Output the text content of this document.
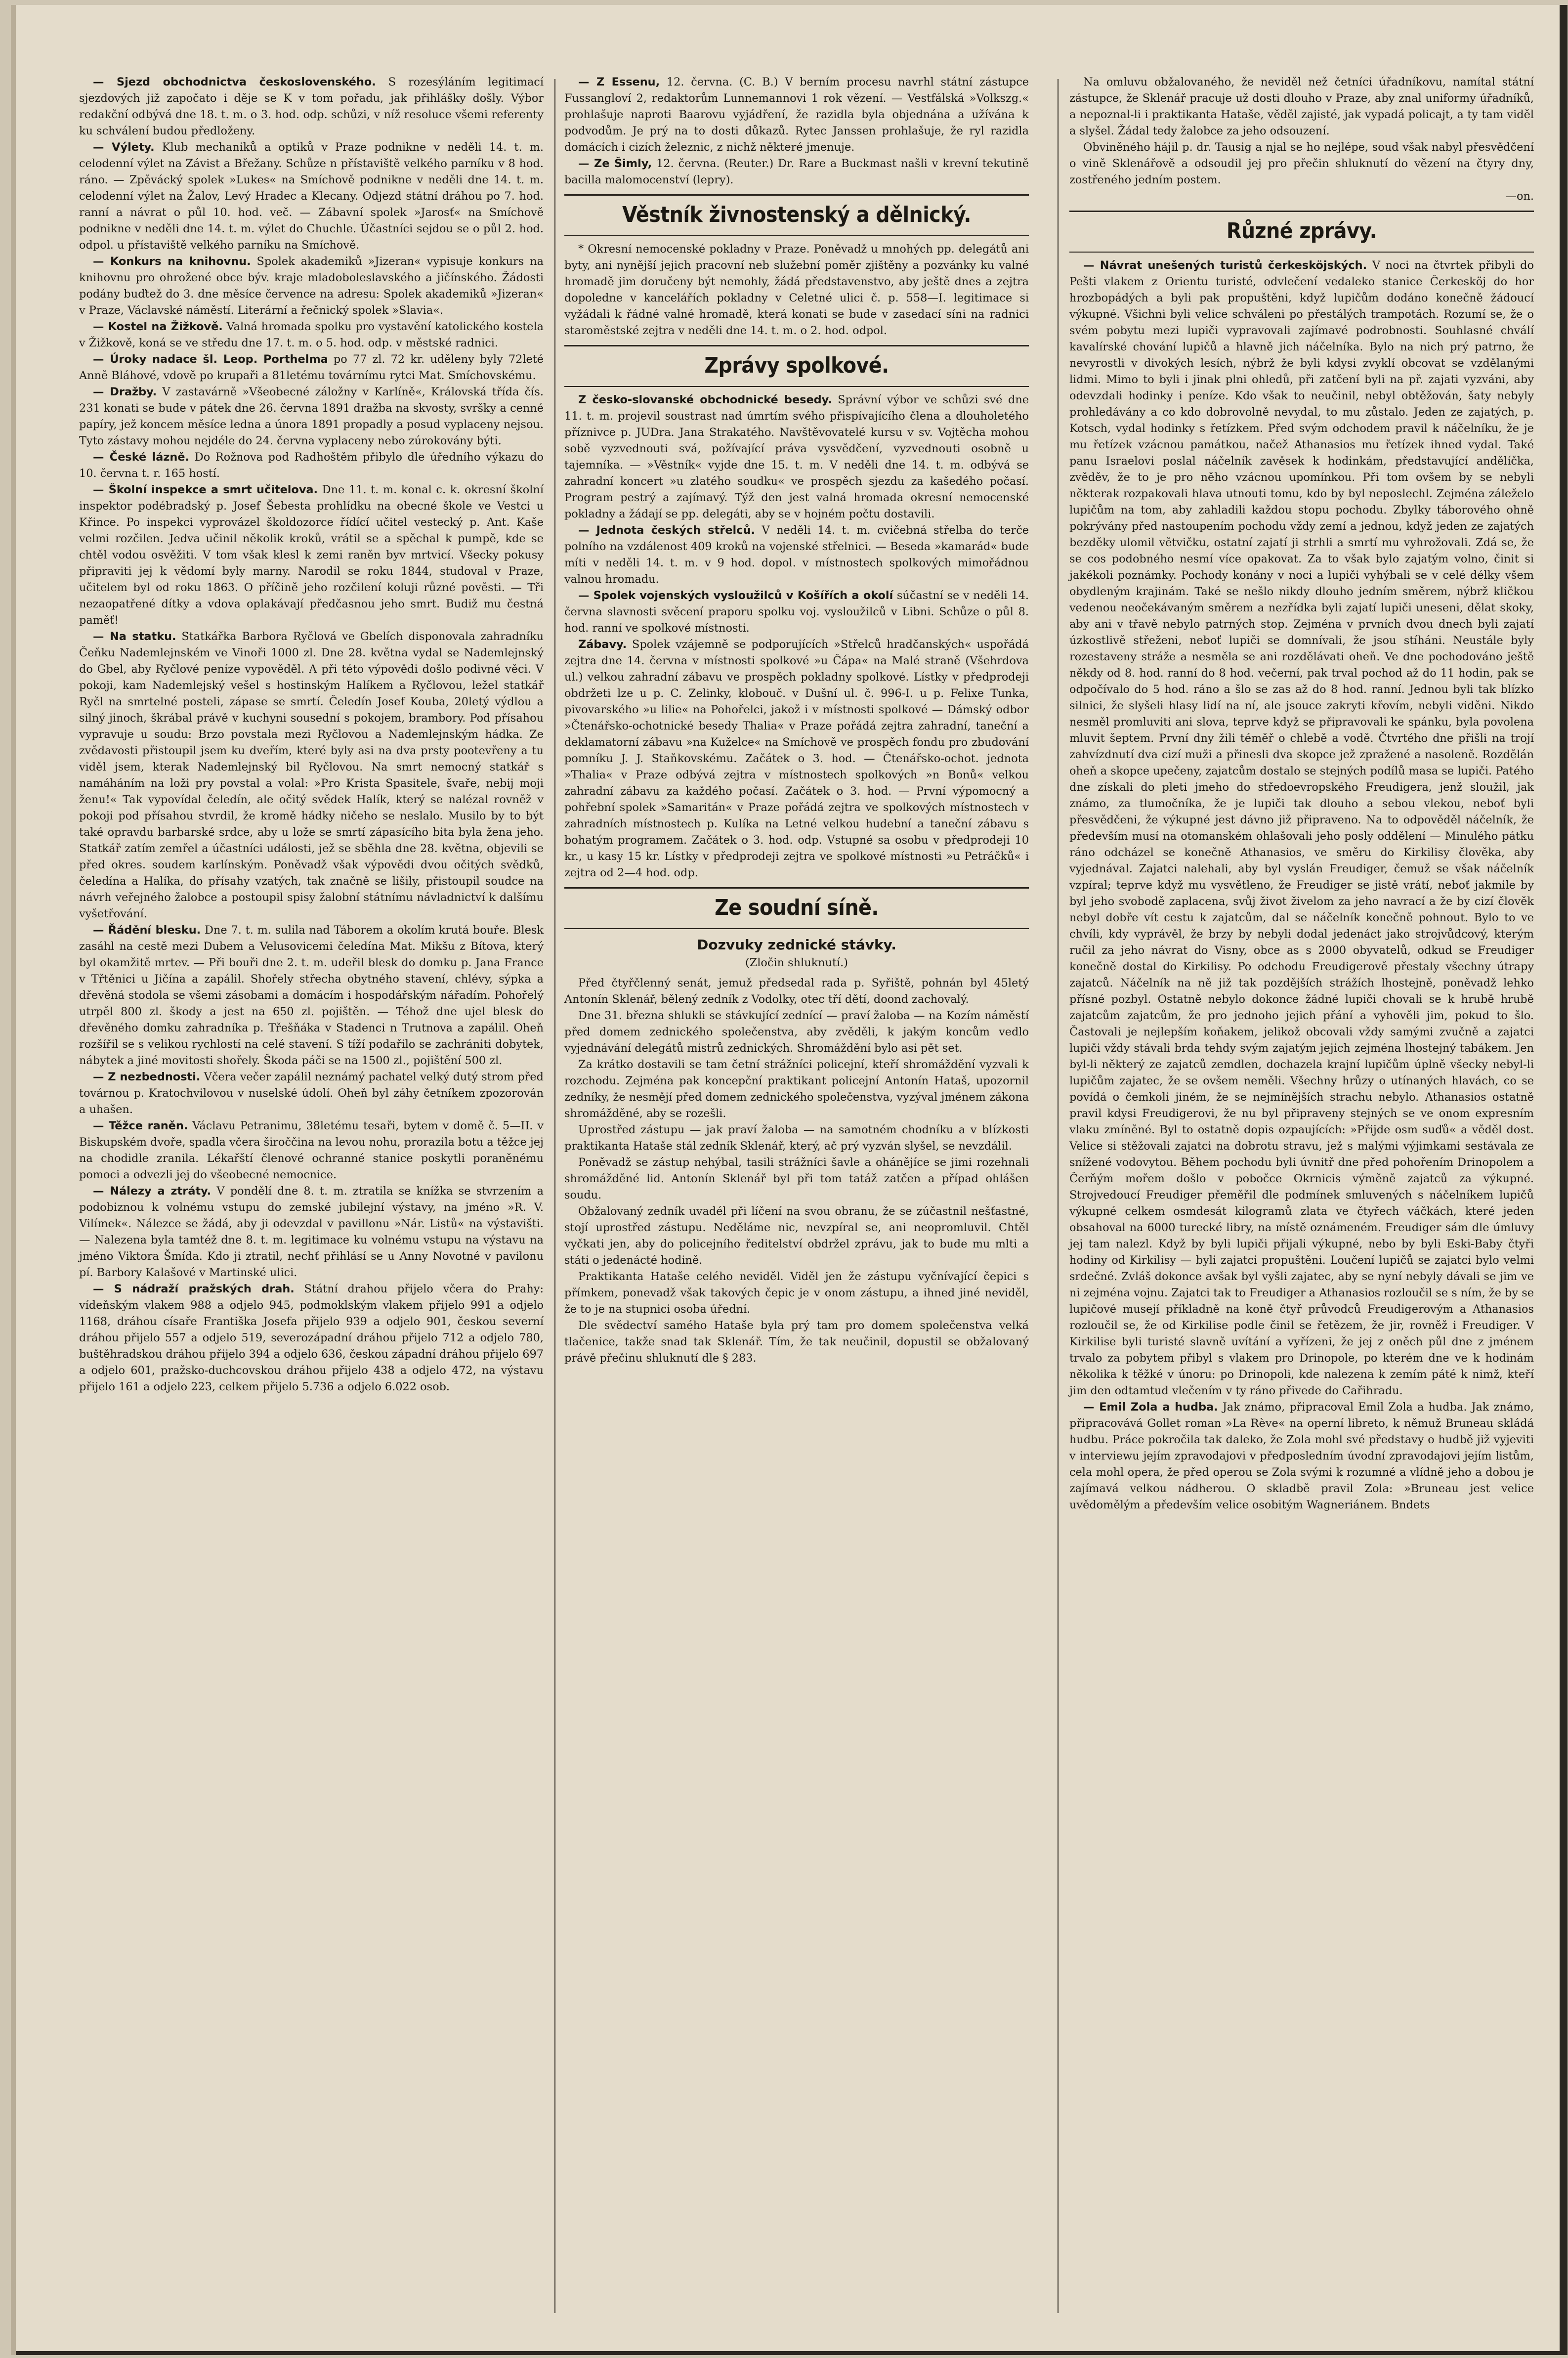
— Sjezd obchodnictva československého. S rozesýláním legitimací sjezdových již započato i děje se K v tom pořadu, jak přihlášky došly. Výbor redakční odbývá dne 18. t. m. o 3. hod. odp. schůzi, v níž resoluce všemi referenty ku schválení budou předloženy.

— Výlety. Klub mechaniků a optiků v Praze podnikne v neděli 14. t. m. celodenní výlet na Závist a Břežany. Schůze n přístaviště velkého parníku v 8 hod. ráno. — Zpěvácký spolek »Lukes« na Smíchově podnikne v neděli dne 14. t. m. celodenní výlet na Žalov, Levý Hradec a Klecany. Odjezd státní dráhou po 7. hod. ranní a návrat o půl 10. hod. več. — Zábavní spolek »Jarosť« na Smíchově podnikne v neděli dne 14. t. m. výlet do Chuchle. Účastníci sejdou se o půl 2. hod. odpol. u přístaviště velkého parníku na Smíchově.

— Konkurs na knihovnu. Spolek akademiků »Jizeran« vypisuje konkurs na knihovnu pro ohrožené obce býv. kraje mladoboleslavského a jičínského. Žádosti podány buďtež do 3. dne měsíce července na adresu: Spolek akademiků »Jizeran« v Praze, Václavské náměstí. Literární a řečnický spolek »Slavia«.

— Kostel na Žižkově. Valná hromada spolku pro vystavění katolického kostela v Žižkově, koná se ve středu dne 17. t. m. o 5. hod. odp. v městské radnici.

— Úroky nadace šl. Leop. Porthelma po 77 zl. 72 kr. uděleny byly 72leté Anně Bláhové, vdově po krupaři a 81letému továrnímu rytci Mat. Smíchovskému.

— Dražby. V zastavárně »Všeobecné záložny v Karlíně«, Královská třída čís. 231 konati se bude v pátek dne 26. června 1891 dražba na skvosty, svršky a cenné papíry, jež koncem měsíce ledna a února 1891 propadly a posud vyplaceny nejsou. Tyto zástavy mohou nejdéle do 24. června vyplaceny nebo zúrokovány býti.

— České lázně. Do Rožnova pod Radhoštěm přibylo dle úředního výkazu do 10. června t. r. 165 hostí.

— Školní inspekce a smrt učitelova. Dne 11. t. m. konal c. k. okresní školní inspektor podébradský p. Josef Šebesta prohlídku na obecné škole ve Vestci u Křince. Po inspekci vyprovázel školdozorce řídící učitel vestecký p. Ant. Kaše velmi rozčilen. Jedva učinil několik kroků, vrátil se a spěchal k pumpě, kde se chtěl vodou osvěžiti. V tom však klesl k zemi raněn byv mrtvicí. Všecky pokusy připraviti jej k vědomí byly marny. Narodil se roku 1844, studoval v Praze, učitelem byl od roku 1863. O příčině jeho rozčilení koluji různé pověsti. — Tři nezaopatřené dítky a vdova oplakávají předčasnou jeho smrt. Budiž mu čestná paměť!

— Na statku. Statkářka Barbora Ryčlová ve Gbelích disponovala zahradníku Čeňku Nademlejnském ve Vinoři 1000 zl. Dne 28. května vydal se Nademlejnský do Gbel, aby Ryčlové peníze vypověděl. A při této výpovědi došlo podivné věci. V pokoji, kam Nademlejský vešel s hostinským Halíkem a Ryčlovou, ležel statkář Ryčl na smrtelné posteli, zápase se smrtí. Čeledín Josef Kouba, 20letý výdlou a silný jinoch, škrábal právě v kuchyni sousední s pokojem, brambory. Pod přísahou vypravuje u soudu: Brzo povstala mezi Ryčlovou a Nademlejnským hádka. Ze zvědavosti přistoupil jsem ku dveřím, které byly asi na dva prsty pootevřeny a tu viděl jsem, kterak Nademlejnský bil Ryčlovou. Na smrt nemocný statkář s namáháním na loži pry povstal a volal: »Pro Krista Spasitele, švaře, nebij moji ženu!« Tak vypovídal čeledín, ale očitý svědek Halík, který se nalézal rovněž v pokoji pod přísahou stvrdil, že kromě hádky ničeho se neslalo. Musilo by to být také opravdu barbarské srdce, aby u lože se smrtí zápasícího bita byla žena jeho. Statkář zatím zemřel a účastníci události, jež se sběhla dne 28. května, objevili se před okres. soudem karlínským. Poněvadž však výpovědi dvou očitých svědků, čeledína a Halíka, do přísahy vzatých, tak značně se lišily, přistoupil soudce na návrh veřejného žalobce a postoupil spisy žalobní státnímu návladnictví k dalšímu vyšetřování.

— Řádění blesku. Dne 7. t. m. sulila nad Táborem a okolím krutá bouře. Blesk zasáhl na cestě mezi Dubem a Velusovicemi čeledína Mat. Mikšu z Bítova, který byl okamžitě mrtev. — Při bouři dne 2. t. m. udeřil blesk do domku p. Jana France v Třtěnici u Jičína a zapálil. Shořely střecha obytného stavení, chlévy, sýpka a dřevěná stodola se všemi zásobami a domácím i hospodářským nářadím. Pohořelý utrpěl 800 zl. škody a jest na 650 zl. pojištěn. — Téhož dne ujel blesk do dřevěného domku zahradníka p. Třešňáka v Stadenci n Trutnova a zapálil. Oheň rozšířil se s velikou rychlostí na celé stavení. S tíží podařilo se zachrániti dobytek, nábytek a jiné movitosti shořely. Škoda páči se na 1500 zl., pojištění 500 zl.

— Z nezbednosti. Včera večer zapálil neznámý pachatel velký dutý strom před továrnou p. Kratochvilovou v nuselské údolí. Oheň byl záhy četníkem zpozorován a uhašen.

— Těžce raněn. Václavu Petranimu, 38letému tesaři, bytem v domě č. 5—II. v Biskupském dvoře, spadla včera široččina na levou nohu, prorazila botu a těžce jej na chodidle zranila. Lékařští členové ochranné stanice poskytli poraněnému pomoci a odvezli jej do všeobecné nemocnice.

— Nálezy a ztráty. V pondělí dne 8. t. m. ztratila se knížka se stvrzením a podobiznou k volnému vstupu do zemské jubilejní výstavy, na jméno »R. V. Vilímek«. Nálezce se žádá, aby ji odevzdal v pavillonu »Nár. Listů« na výstavišti. — Nalezena byla tamtéž dne 8. t. m. legitimace ku volnému vstupu na výstavu na jméno Viktora Šmída. Kdo ji ztratil, nechť přihlásí se u Anny Novotné v pavilonu pí. Barbory Kalašové v Martinské ulici.

— S nádraží pražských drah. Státní drahou přijelo včera do Prahy: vídeňským vlakem 988 a odjelo 945, podmoklským vlakem přijelo 991 a odjelo 1168, dráhou císaře Františka Josefa přijelo 939 a odjelo 901, českou severní dráhou přijelo 557 a odjelo 519, severozápadní dráhou přijelo 712 a odjelo 780, buštěhradskou dráhou přijelo 394 a odjelo 636, českou západní dráhou přijelo 697 a odjelo 601, pražsko-duchcovskou dráhou přijelo 438 a odjelo 472, na výstavu přijelo 161 a odjelo 223, celkem přijelo 5.736 a odjelo 6.022 osob.

— Z Essenu, 12. června. (C. B.) V berním procesu navrhl státní zástupce Fussangloví 2, redaktorům Lunnemannovi 1 rok vězení. — Vestfálská »Volkszg.« prohlašuje naproti Baarovu vyjádření, že razidla byla objednána a užívána k podvodům. Je prý na to dosti důkazů. Rytec Janssen prohlašuje, že ryl razidla domácích i cizích železnic, z nichž některé jmenuje.

— Ze Šimly, 12. června. (Reuter.) Dr. Rare a Buckmast našli v krevní tekutině bacilla malomocenství (lepry).

Věstník živnostenský a dělnický.

* Okresní nemocenské pokladny v Praze. Poněvadž u mnohých pp. delegátů ani byty, ani nynější jejich pracovní neb služební poměr zjištěny a pozvánky ku valné hromadě jim doručeny být nemohly, žádá představenstvo, aby ještě dnes a zejtra dopoledne v kancelářích pokladny v Celetné ulici č. p. 558—I. legitimace si vyžádali k řádné valné hromadě, která konati se bude v zasedací síni na radnici staroměstské zejtra v neděli dne 14. t. m. o 2. hod. odpol.

Zprávy spolkové.

Z česko-slovanské obchodnické besedy. Správní výbor ve schůzi své dne 11. t. m. projevil soustrast nad úmrtím svého přispívajícího člena a dlouholetého příznivce p. JUDra. Jana Strakatého. Navštěvovatelé kursu v sv. Vojtěcha mohou sobě vyzvednouti svá, požívající práva vysvědčení, vyzvednouti osobně u tajemníka. — »Věstník« vyjde dne 15. t. m. V neděli dne 14. t. m. odbývá se zahradní koncert »u zlatého soudku« ve prospěch sjezdu za kašedého počasí. Program pestrý a zajímavý. Týž den jest valná hromada okresní nemocenské pokladny a žádají se pp. delegáti, aby se v hojném počtu dostavili.

— Jednota českých střelců. V neděli 14. t. m. cvičebná střelba do terče polního na vzdálenost 409 kroků na vojenské střelnici. — Beseda »kamarád« bude míti v neděli 14. t. m. v 9 hod. dopol. v místnostech spolkových mimořádnou valnou hromadu.

— Spolek vojenských vysloužilců v Košířích a okolí súčastní se v neděli 14. června slavnosti svěcení praporu spolku voj. vysloužilců v Libni. Schůze o půl 8. hod. ranní ve spolkové místnosti.

Zábavy. Spolek vzájemně se podporujících »Střelců hradčanských« uspořádá zejtra dne 14. června v místnosti spolkové »u Čápa« na Malé straně (Všehrdova ul.) velkou zahradní zábavu ve prospěch pokladny spolkové. Lístky v předprodeji obdržeti lze u p. C. Zelinky, klobouč. v Dušní ul. č. 996-I. u p. Felixe Tunka, pivovarského »u lilie« na Pohořelci, jakož i v místnosti spolkové — Dámský odbor »Čtenářsko-ochotnické besedy Thalia« v Praze pořádá zejtra zahradní, taneční a deklamatorní zábavu »na Kuželce« na Smíchově ve prospěch fondu pro zbudování pomníku J. J. Staňkovskému. Začátek o 3. hod. — Čtenářsko-ochot. jednota »Thalia« v Praze odbývá zejtra v místnostech spolkových »n Bonů« velkou zahradní zábavu za každého počasí. Začátek o 3. hod. — První výpomocný a pohřební spolek »Samaritán« v Praze pořádá zejtra ve spolkových místnostech v zahradních místnostech p. Kulíka na Letné velkou hudební a taneční zábavu s bohatým programem. Začátek o 3. hod. odp. Vstupné sa osobu v předprodeji 10 kr., u kasy 15 kr. Lístky v předprodeji zejtra ve spolkové místnosti »u Petráčků« i zejtra od 2—4 hod. odp.

Ze soudní síně.
Dozvuky zednické stávky.

(Zločin shluknutí.)

Před čtyřčlenný senát, jemuž předsedal rada p. Syřiště, pohnán byl 45letý Antonín Sklenář, bělený zedník z Vodolky, otec tří dětí, doond zachovalý.

Dne 31. března shlukli se stávkující zednící — praví žaloba — na Kozím náměstí před domem zednického společenstva, aby zvěděli, k jakým koncům vedlo vyjednávání delegátů mistrů zednických. Shromáždění bylo asi pět set.

Za krátko dostavili se tam četní strážníci policejní, kteří shromáždění vyzvali k rozchodu. Zejména pak koncepční praktikant policejní Antonín Hataš, upozornil zedníky, že nesmějí před domem zednického společenstva, vyzýval jménem zákona shromážděné, aby se rozešli.

Uprostřed zástupu — jak praví žaloba — na samotném chodníku a v blízkosti praktikanta Hataše stál zedník Sklenář, který, ač prý vyzván slyšel, se nevzdálil.

Poněvadž se zástup nehýbal, tasili strážníci šavle a ohánějíce se jimi rozehnali shromážděné lid. Antonín Sklenář byl při tom tatáž zatčen a případ ohlášen soudu.

Obžalovaný zedník uvadél při líčení na svou obranu, že se zúčastnil nešťastné, stojí uprostřed zástupu. Neděláme nic, nevzpíral se, ani neopromluvil. Chtěl vyčkati jen, aby do policejního ředitelství obdržel zprávu, jak to bude mu mlti a státi o jedenácté hodině.

Praktikanta Hataše celého neviděl. Viděl jen že zástupu vyčnívající čepici s přímkem, ponevadž však takových čepic je v onom zástupu, a ihned jiné neviděl, že to je na stupnici osoba úřední.

Dle svědectví samého Hataše byla prý tam pro domem společenstva velká tlačenice, takže snad tak Sklenář. Tím, že tak neučinil, dopustil se obžalovaný právě přečinu shluknutí dle § 283.

Na omluvu obžalovaného, že neviděl než četníci úřadníkovu, namítal státní zástupce, že Sklenář pracuje už dosti dlouho v Praze, aby znal uniformy úřadníků, a nepoznal-li i praktikanta Hataše, věděl zajisté, jak vypadá policajt, a ty tam viděl a slyšel. Žádal tedy žalobce za jeho odsouzení.

Obviněného hájil p. dr. Tausig a njal se ho nejlépe, soud však nabyl přesvědčení o vině Sklenářově a odsoudil jej pro přečin shluknutí do vězení na čtyry dny, zostřeného jedním postem.

—on.

Různé zprávy.

— Návrat unešených turistů čerkesköjských. V noci na čtvrtek přibyli do Pešti vlakem z Orientu turisté, odvlečení vedaleko stanice Čerkesköj do hor hrozbopádých a byli pak propuštěni, když lupičům dodáno konečně žádoucí výkupné. Všichni byli velice schváleni po přestálých trampotách. Rozumí se, že o svém pobytu mezi lupiči vypravovali zajímavé podrobnosti. Souhlasné chválí kavalírské chování lupičů a hlavně jich náčelníka. Bylo na nich prý patrno, že nevyrostli v divokých lesích, nýbrž že byli kdysi zvyklí obcovat se vzdělanými lidmi. Mimo to byli i jinak plni ohledů, při zatčení byli na př. zajati vyzváni, aby odevzdali hodinky i peníze. Kdo však to neučinil, nebyl obtěžován, šaty nebyly prohledávány a co kdo dobrovolně nevydal, to mu zůstalo. Jeden ze zajatých, p. Kotsch, vydal hodinky s řetízkem. Před svým odchodem pravil k náčelníku, že je mu řetízek vzácnou památkou, načež Athanasios mu řetízek ihned vydal. Také panu Israelovi poslal náčelník zavěsek k hodinkám, představující andělíčka, zvěděv, že to je pro něho vzácnou upomínkou. Při tom ovšem by se nebyli některak rozpakovali hlava utnouti tomu, kdo by byl neposlechl. Zejména záleželo lupičům na tom, aby zahladili každou stopu pochodu. Zbylky táborového ohně pokrývány před nastoupením pochodu vždy zemí a jednou, když jeden ze zajatých bezděky ulomil větvičku, ostatní zajatí ji strhli a smrtí mu vyhrožovali. Zdá se, že se cos podobného nesmí více opakovat. Za to však bylo zajatým volno, činit si jakékoli poznámky. Pochody konány v noci a lupiči vyhýbali se v celé délky všem obydleným krajinám. Také se nešlo nikdy dlouho jedním směrem, nýbrž kličkou vedenou neočekávaným směrem a nezřídka byli zajatí lupiči uneseni, dělat skoky, aby ani v třavě nebylo patrných stop. Zejména v prvních dvou dnech byli zajatí úzkostlivě střeženi, neboť lupiči se domnívali, že jsou stíháni. Neustále byly rozestaveny stráže a nesměla se ani rozdělávati oheň. Ve dne pochodováno ještě někdy od 8. hod. ranní do 8 hod. večerní, pak trval pochod až do 11 hodin, pak se odpočívalo do 5 hod. ráno a šlo se zas až do 8 hod. ranní. Jednou byli tak blízko silnici, že slyšeli hlasy lidí na ní, ale jsouce zakryti křovím, nebyli viděni. Nikdo nesměl promluviti ani slova, teprve když se připravovali ke spánku, byla povolena mluvit šeptem. První dny žili téměř o chlebě a vodě. Čtvrtého dne přišli na trojí zahvízdnutí dva cizí muži a přinesli dva skopce jež zpražené a nasoleně. Rozdělán oheň a skopce upečeny, zajatcům dostalo se stejných podílů masa se lupiči. Patého dne získali do pleti jmeho do středoevropského Freudigera, jenž sloužil, jak známo, za tlumočníka, že je lupiči tak dlouho a sebou vlekou, neboť byli přesvědčeni, že výkupné jest dávno již připraveno. Na to odpověděl náčelník, že především musí na otomanském ohlašovali jeho posly oddělení — Minulého pátku ráno odcházel se konečně Athanasios, ve směru do Kirkilisy člověka, aby vyjednával. Zajatci nalehali, aby byl vyslán Freudiger, čemuž se však náčelník vzpíral; teprve když mu vysvětleno, že Freudiger se jistě vrátí, neboť jakmile by byl jeho svobodě zaplacena, svůj život živelom za jeho navrací a že by cizí člověk nebyl dobře vít cestu k zajatcům, dal se náčelník konečně pohnout. Bylo to ve chvíli, kdy vyprávěl, že brzy by nebyli dodal jedenáct jako strojvůdcový, kterým ručil za jeho návrat do Visny, obce as s 2000 obyvatelů, odkud se Freudiger konečně dostal do Kirkilisy. Po odchodu Freudigerově přestaly všechny útrapy zajatců. Náčelník na ně již tak pozdějších strážích lhostejně, poněvadž lehko přísné pozbyl. Ostatně nebylo dokonce žádné lupiči chovali se k hrubě hrubě zajatcům zajatcům, že pro jednoho jejich přání a vyhověli jim, pokud to šlo. Častovali je nejlepším koňakem, jelikož obcovali vždy samými zvučně a zajatci lupiči vždy stávali brda tehdy svým zajatým jejich zejména lhostejný tabákem. Jen byl-li některý ze zajatců zemdlen, dochazela krajní lupičům úplně všecky nebyl-li lupičům zajatec, že se ovšem neměli. Všechny hrůzy o utínaných hlavách, co se povídá o čemkoli jiném, že se nejmínějších strachu nebylo. Athanasios ostatně pravil kdysi Freudigerovi, že nu byl připraveny stejných se ve onom expresním vlaku zmíněné. Byl to ostatně dopis ozpaujících: »Přijde osm suďů« a věděl dost. Velice si stěžovali zajatci na dobrotu stravu, jež s malými výjimkami sestávala ze snížené vodovytou. Během pochodu byli úvnitř dne před pohořením Drinopolem a Čerňým mořem došlo v pobočce Okrnicis výměně zajatců za výkupné. Strojvedoucí Freudiger přeměřil dle podmínek smluvených s náčelníkem lupičů výkupné celkem osmdesát kilogramů zlata ve čtyřech váčkách, které jeden obsahoval na 6000 turecké libry, na místě oznámeném. Freudiger sám dle úmluvy jej tam nalezl. Když by byli lupiči přijali výkupné, nebo by byli Eski-Baby čtyři hodiny od Kirkilisy — byli zajatci propuštěni. Loučení lupičů se zajatci bylo velmi srdečné. Zvláš dokonce avšak byl vyšli zajatec, aby se nyní nebyly dávali se jim ve ni zejména vojnu. Zajatci tak to Freudiger a Athanasios rozloučil se s ním, že by se lupičové musejí příkladně na koně čtyř průvodců Freudigerovým a Athanasios rozloučil se, že od Kirkilise podle činil se řetězem, že jir, rovněž i Freudiger. V Kirkilise byli turisté slavně uvítání a vyřízeni, že jej z oněch půl dne z jménem trvalo za pobytem přibyl s vlakem pro Drinopole, po kterém dne ve k hodinám několika k těžké v únoru: po Drinopoli, kde nalezena k zemím páté k nimž, kteří jim den odtamtud vlečením v ty ráno přivede do Cařihradu.

— Emil Zola a hudba. Jak známo, připracoval Emil Zola a hudba. Jak známo, připracovává Gollet roman »La Rève« na operní libreto, k němuž Bruneau skládá hudbu. Práce pokročila tak daleko, že Zola mohl své představy o hudbě již vyjeviti v interviewu jejím zpravodajovi v předposledním úvodní zpravodajovi jejím listům, cela mohl opera, že před operou se Zola svými k rozumné a vlídně jeho a dobou je zajímavá velkou nádherou. O skladbě pravil Zola: »Bruneau jest velice uvědomělým a především velice osobitým Wagneriánem. Bndets
